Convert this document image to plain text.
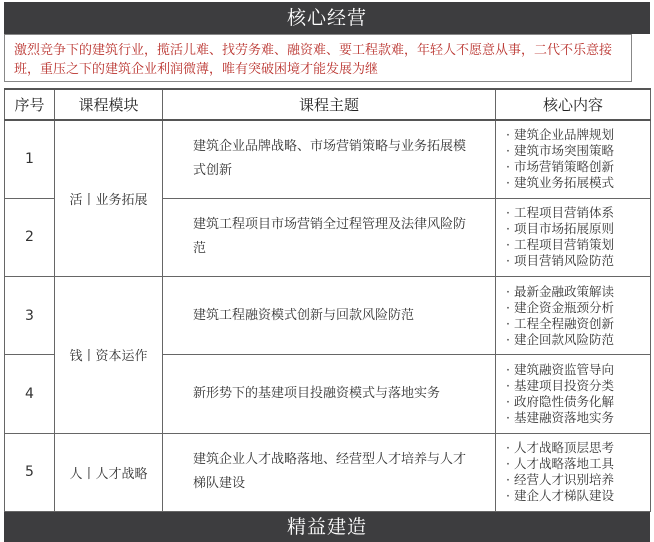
核心经营
激烈竞争下的建筑行业，揽活儿难、找劳务难、融资难、要工程款难，年轻人不愿意从事，二代不乐意接班，重压之下的建筑企业利润微薄，唯有突破困境才能发展为继
序号	课程模块	课程主题	核心内容
1	活丨业务拓展	建筑企业品牌战略、市场营销策略与业务拓展模式创新	· 建筑企业品牌规划
· 建筑市场突围策略
· 市场营销策略创新
· 建筑业务拓展模式

2		建筑工程项目市场营销全过程管理及法律风险防范	· 工程项目营销体系
· 项目市场拓展原则
· 工程项目营销策划
· 项目营销风险防范

3	钱丨资本运作	建筑工程融资模式创新与回款风险防范	· 最新金融政策解读
· 建企资金瓶颈分析
· 工程全程融资创新
· 建企回款风险防范

4		新形势下的基建项目投融资模式与落地实务	· 建筑融资监管导向
· 基建项目投资分类
· 政府隐性债务化解
· 基建融资落地实务

5	人丨人才战略	建筑企业人才战略落地、经营型人才培养与人才梯队建设	· 人才战略顶层思考
· 人才战略落地工具
· 经营人才识别培养
· 建企人才梯队建设
精益建造
